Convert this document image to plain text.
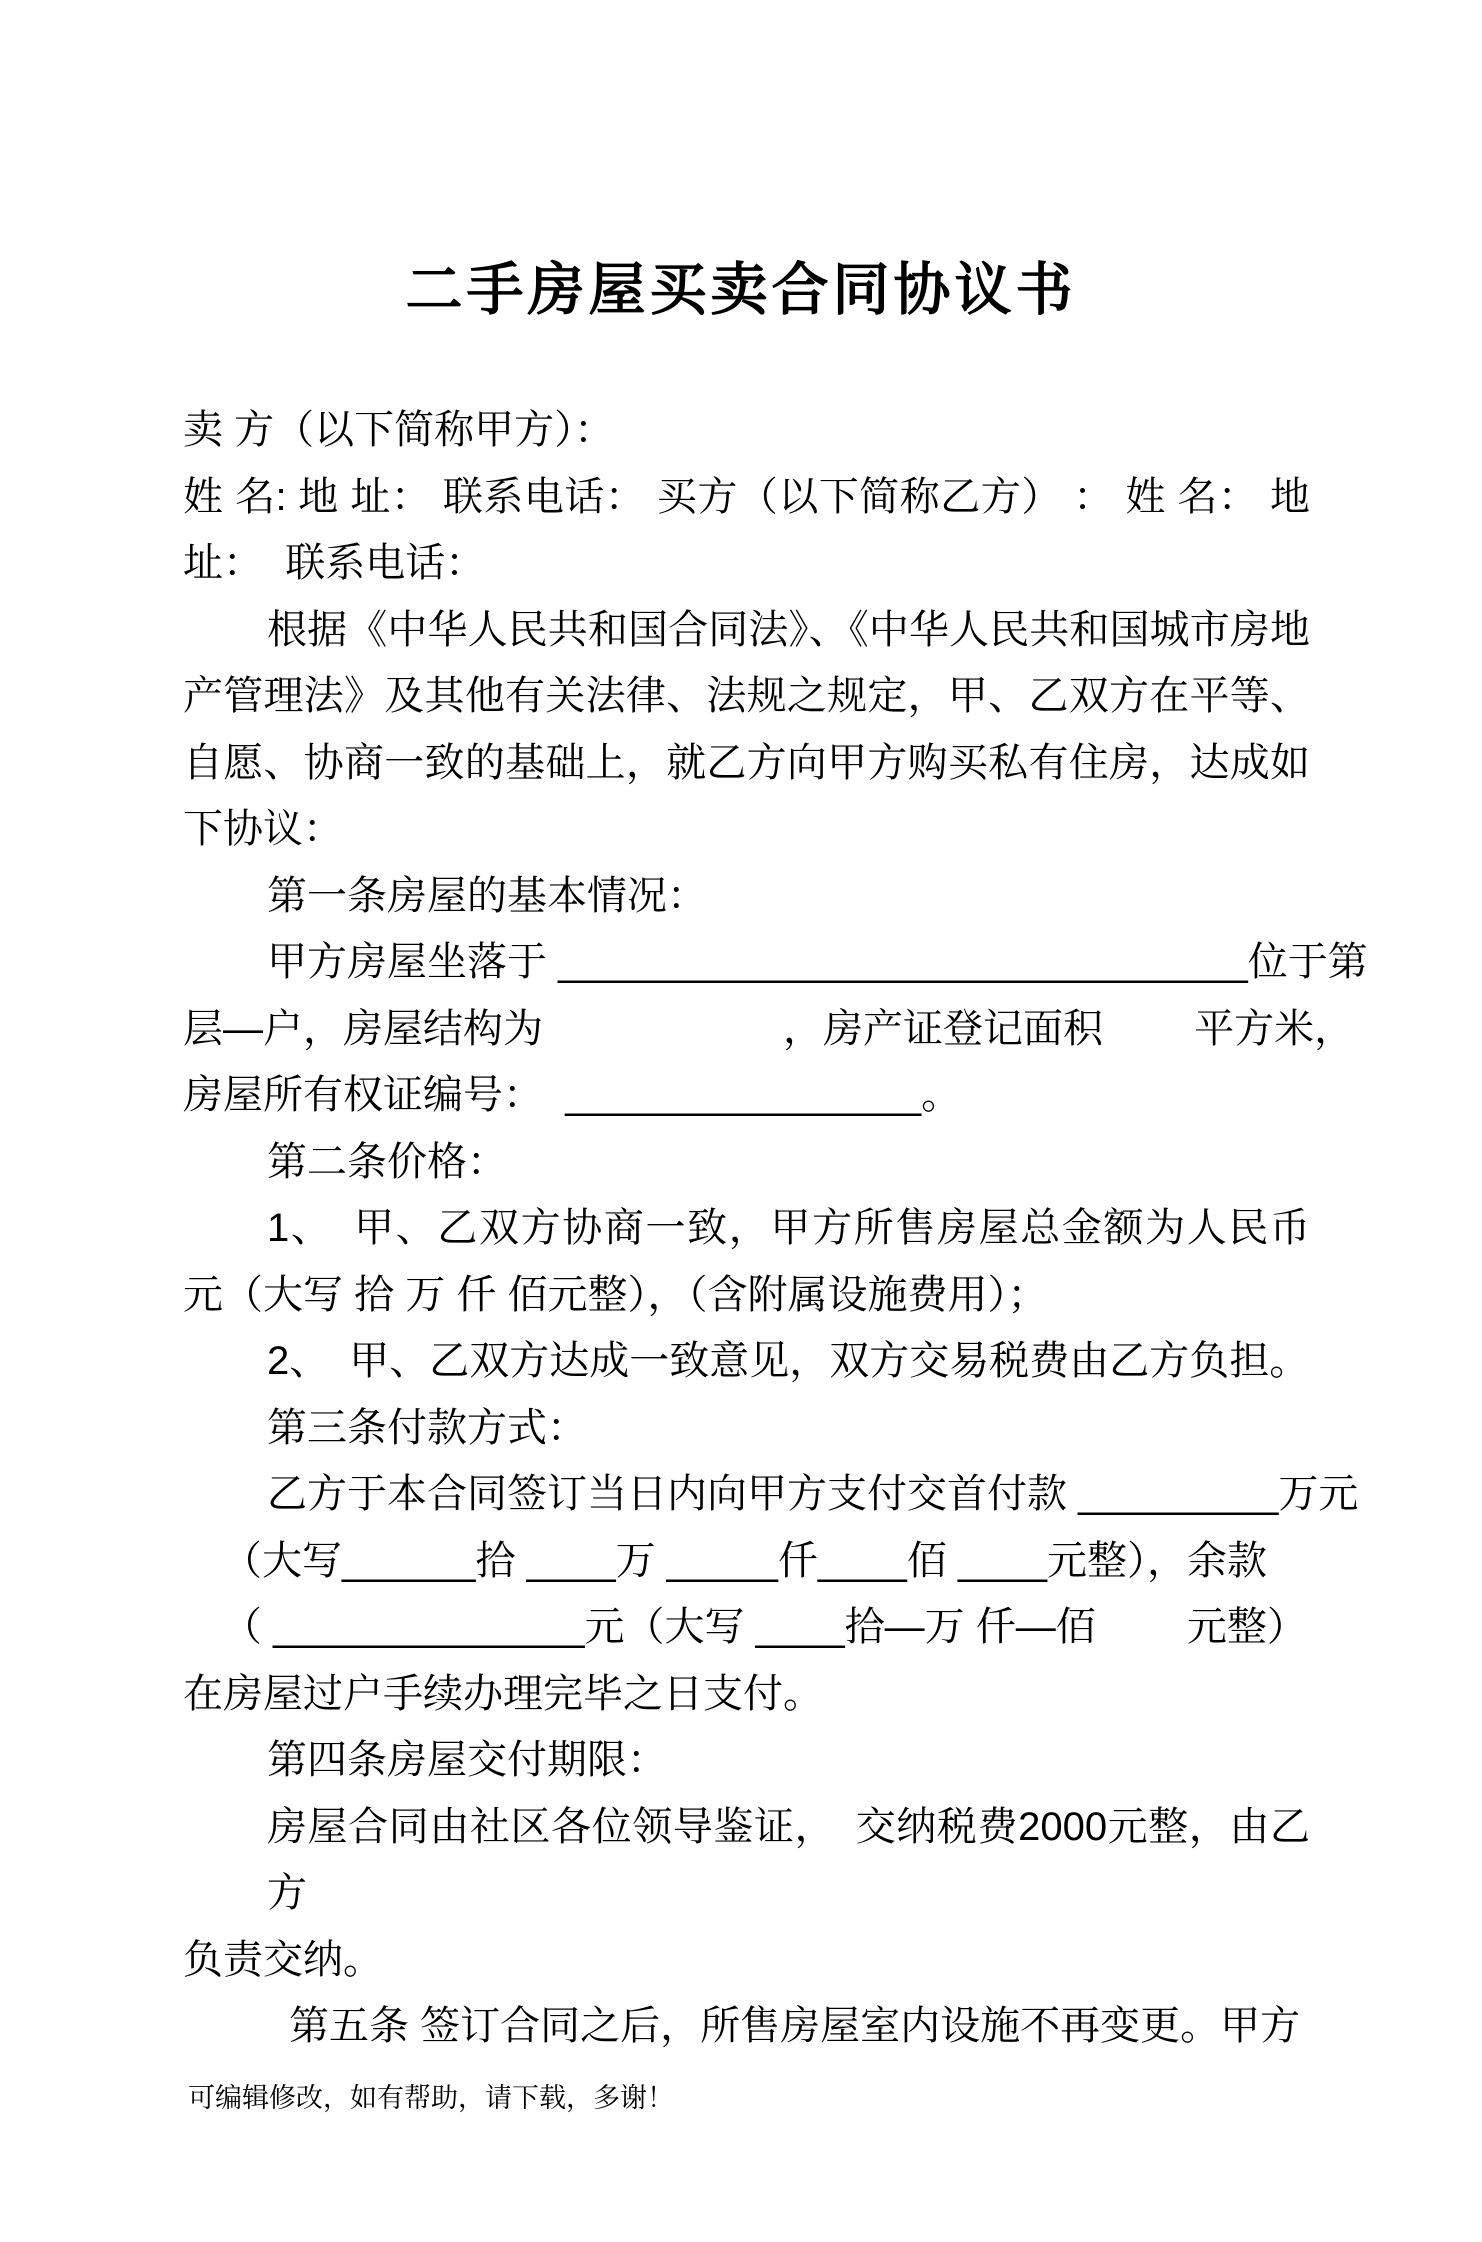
二手房屋买卖合同协议书
卖 方（以下简称甲方）：
姓 名: 地 址： 联系电话： 买方（以下简称乙方） ： 姓 名： 地
址：  联系电话：
根据《中华人民共和国合同法》、《中华人民共和国城市房地
产管理法》及其他有关法律、法规之规定，甲、乙双方在平等、
自愿、协商一致的基础上，就乙方向甲方购买私有住房，达成如
下协议：
第一条房屋的基本情况：
甲方房屋坐落于 _______________________________位于第
层—户，房屋结构为　　　　　　，房产证登记面积　　 平方米，
房屋所有权证编号：  ________________。
第二条价格：
1、　甲、乙双方协商一致，甲方所售房屋总金额为人民币
元（大写 拾 万 仟 佰元整），（含附属设施费用）；
2、　甲、乙双方达成一致意见，双方交易税费由乙方负担。
第三条付款方式：
乙方于本合同签订当日内向甲方支付交首付款 _________万元
（大写______拾 ____万 _____仟____佰 ____元整），余款
（ ______________元（大写 ____拾—万 仟—佰　　 元整）
在房屋过户手续办理完毕之日支付。
第四条房屋交付期限：
房屋合同由社区各位领导鉴证，　交纳税费2000元整，由乙方
负责交纳。
第五条 签订合同之后，所售房屋室内设施不再变更。甲方
可编辑修改，如有帮助，请下载，多谢！
